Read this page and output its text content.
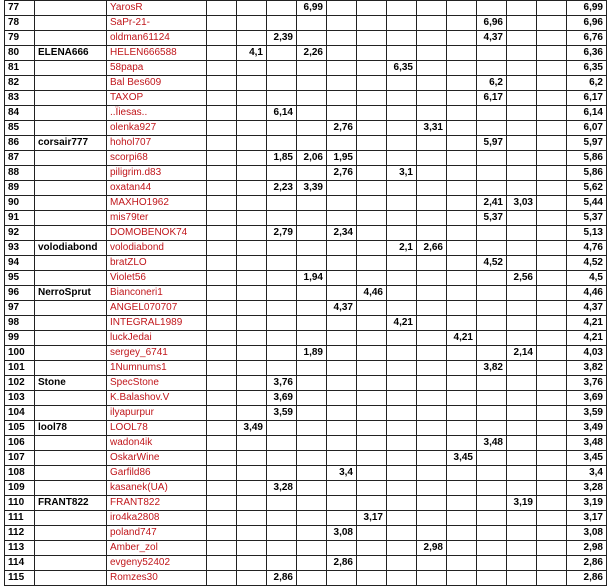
77		YarosR				6,99									6,99
78		SaPr-21-										6,96			6,96
79		oldman61124			2,39							4,37			6,76
80	ELENA666	HELEN666588		4,1		2,26									6,36
81		58papa							6,35						6,35
82		Bal Bes609										6,2			6,2
83		TAXOP										6,17			6,17
84		..Ïiesas..			6,14										6,14
85		olenka927					2,76			3,31					6,07
86	corsair777	hohol707										5,97			5,97
87		scorpi68			1,85	2,06	1,95								5,86
88		piligrim.d83					2,76		3,1						5,86
89		oxatan44			2,23	3,39									5,62
90		MAXHO1962										2,41	3,03		5,44
91		mis79ter										5,37			5,37
92		DOMOBENOK74			2,79		2,34								5,13
93	volodiabond	volodiabond							2,1	2,66					4,76
94		bratZLO										4,52			4,52
95		Violet56				1,94							2,56		4,5
96	NerroSprut	Bianconeri1						4,46							4,46
97		ANGEL070707					4,37								4,37
98		INTEGRAL1989							4,21						4,21
99		luckJedai									4,21				4,21
100		sergey_6741				1,89							2,14		4,03
101		1Numnums1										3,82			3,82
102	Stone	SpecStone			3,76										3,76
103		K.Balashov.V			3,69										3,69
104		ilyapurpur			3,59										3,59
105	lool78	LOOL78		3,49											3,49
106		wadon4ik										3,48			3,48
107		OskarWine									3,45				3,45
108		Garfild86					3,4								3,4
109		kasanek(UA)			3,28										3,28
110	FRANT822	FRANT822											3,19		3,19
111		iro4ka2808						3,17							3,17
112		poland747					3,08								3,08
113		Amber_zol								2,98					2,98
114		evgeny52402					2,86								2,86
115		Romzes30			2,86										2,86
